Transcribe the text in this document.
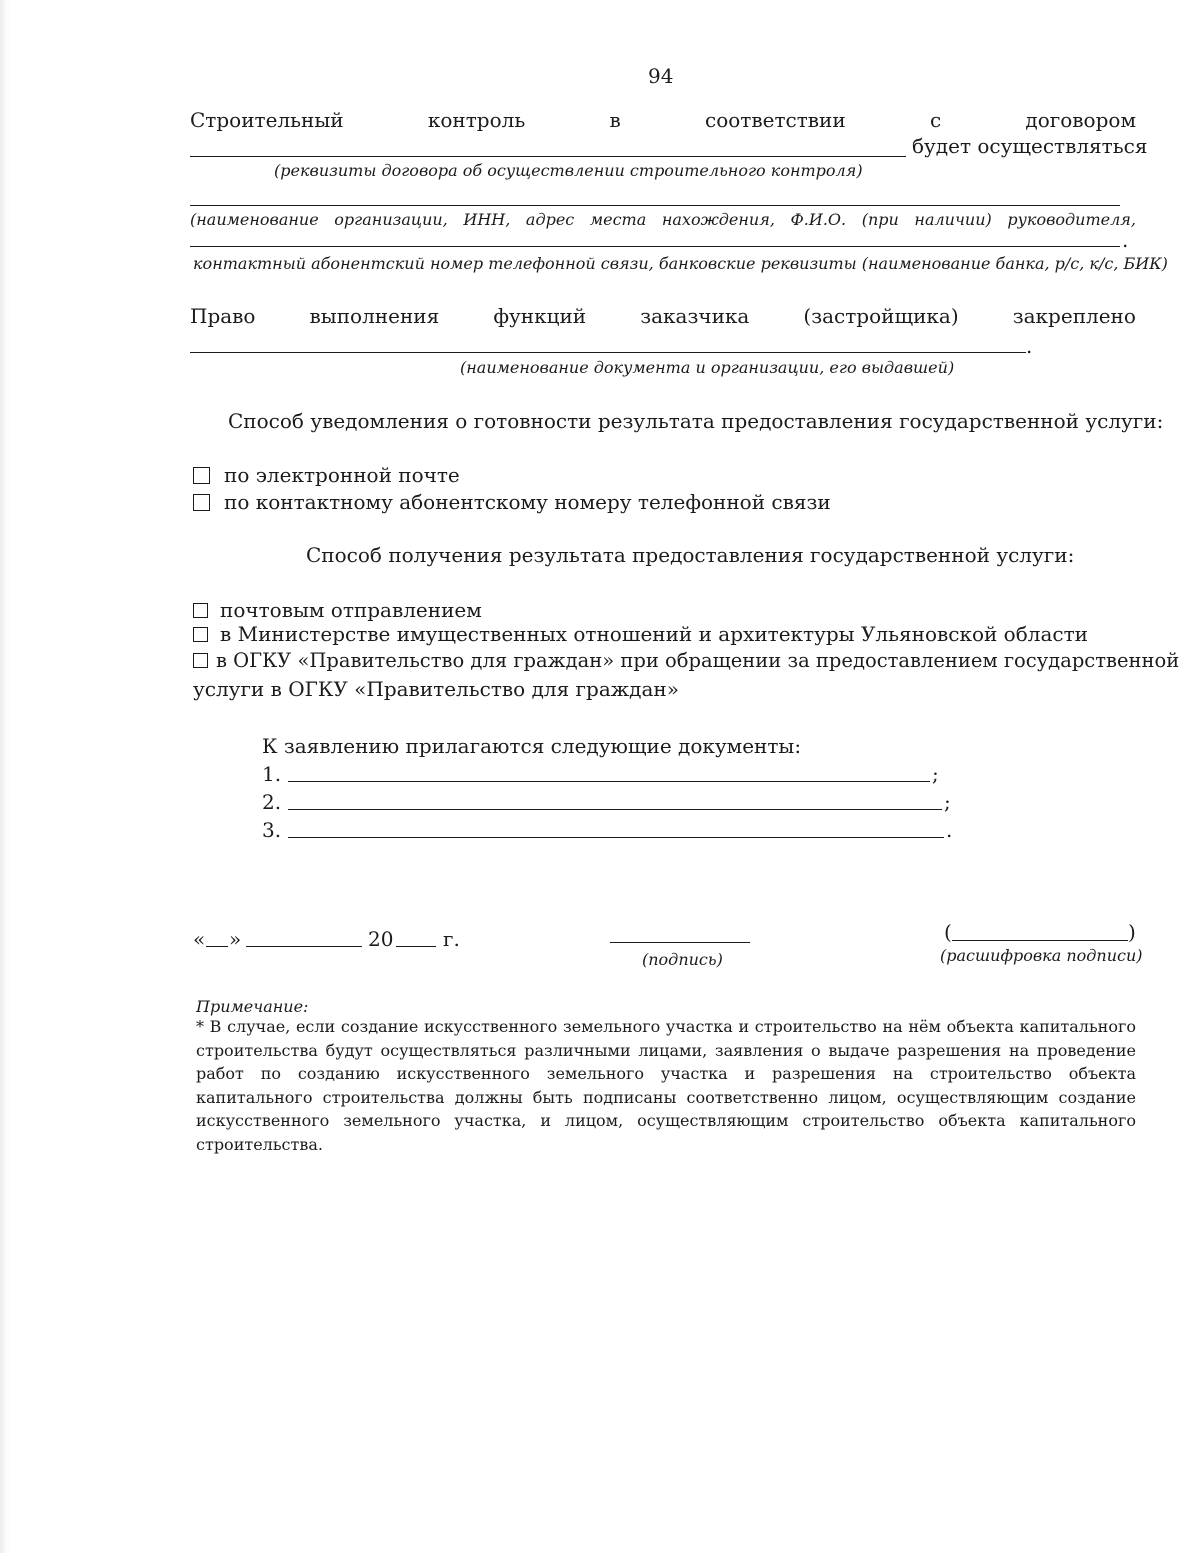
94
Строительный	контроль	в	соответствии	с	договором
будет осуществляться
(реквизиты договора об осуществлении строительного контроля)
(наименование организации, ИНН, адрес места нахождения, Ф.И.О. (при наличии) руководителя,
.
контактный абонентский номер телефонной связи, банковские реквизиты (наименование банка, р/с, к/с, БИК)
Право	выполнения	функций	заказчика	(застройщика)	закреплено
.
(наименование документа и организации, его выдавшей)
Способ уведомления о готовности результата предоставления государственной услуги:
по электронной почте
по контактному абонентскому номеру телефонной связи
Способ получения результата предоставления государственной услуги:
почтовым отправлением
в Министерстве имущественных отношений и архитектуры Ульяновской области
в ОГКУ «Правительство для граждан» при обращении за предоставлением государственной
услуги в ОГКУ «Правительство для граждан»
К заявлению прилагаются следующие документы:
1.	;
2.	;
3.	.
« »	20 г.
(подпись)
(	)
(расшифровка подписи)
Примечание:
* В случае, если создание искусственного земельного участка и строительство на нём объекта капитального строительства будут осуществляться различными лицами, заявления о выдаче разрешения на проведение работ по созданию искусственного земельного участка и разрешения на строительство объекта капитального строительства должны быть подписаны соответственно лицом, осуществляющим создание искусственного земельного участка, и лицом, осуществляющим строительство объекта капитального строительства.
